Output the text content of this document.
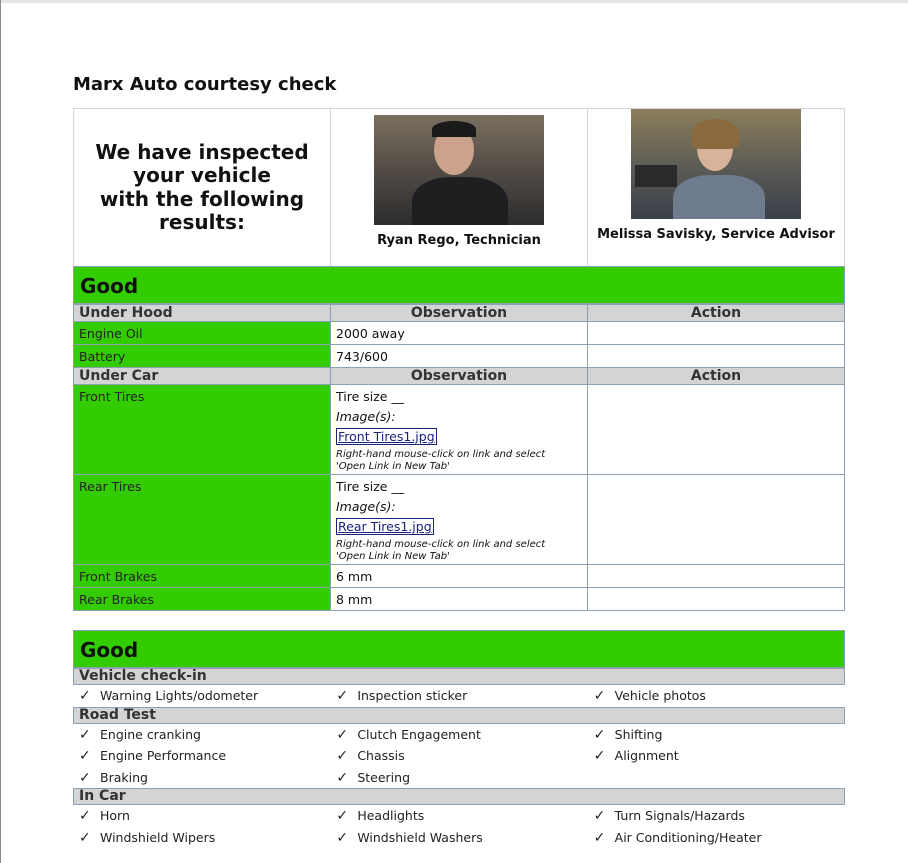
Marx Auto courtesy check
We have inspected
your vehicle
with the following
results:

Ryan Rego, Technician	Melissa Savisky, Service Advisor
Good
Under Hood	Observation	Action
Engine Oil	2000 away	
Battery	743/600	
Under Car	Observation	Action
Front Tires	Tire size __
Image(s):
Front Tires1.jpg
Right-hand mouse-click on link and select
'Open Link in New Tab'	

Rear Tires	Tire size __
Image(s):
Rear Tires1.jpg
Right-hand mouse-click on link and select
'Open Link in New Tab'	

Front Brakes	6 mm	
Rear Brakes	8 mm	
Good
Vehicle check-in
✓ Warning Lights/odometer	✓ Inspection sticker	✓ Vehicle photos
Road Test
✓ Engine cranking	✓ Clutch Engagement	✓ Shifting
✓ Engine Performance	✓ Chassis	✓ Alignment
✓ Braking	✓ Steering
In Car
✓ Horn	✓ Headlights	✓ Turn Signals/Hazards
✓ Windshield Wipers	✓ Windshield Washers	✓ Air Conditioning/Heater
